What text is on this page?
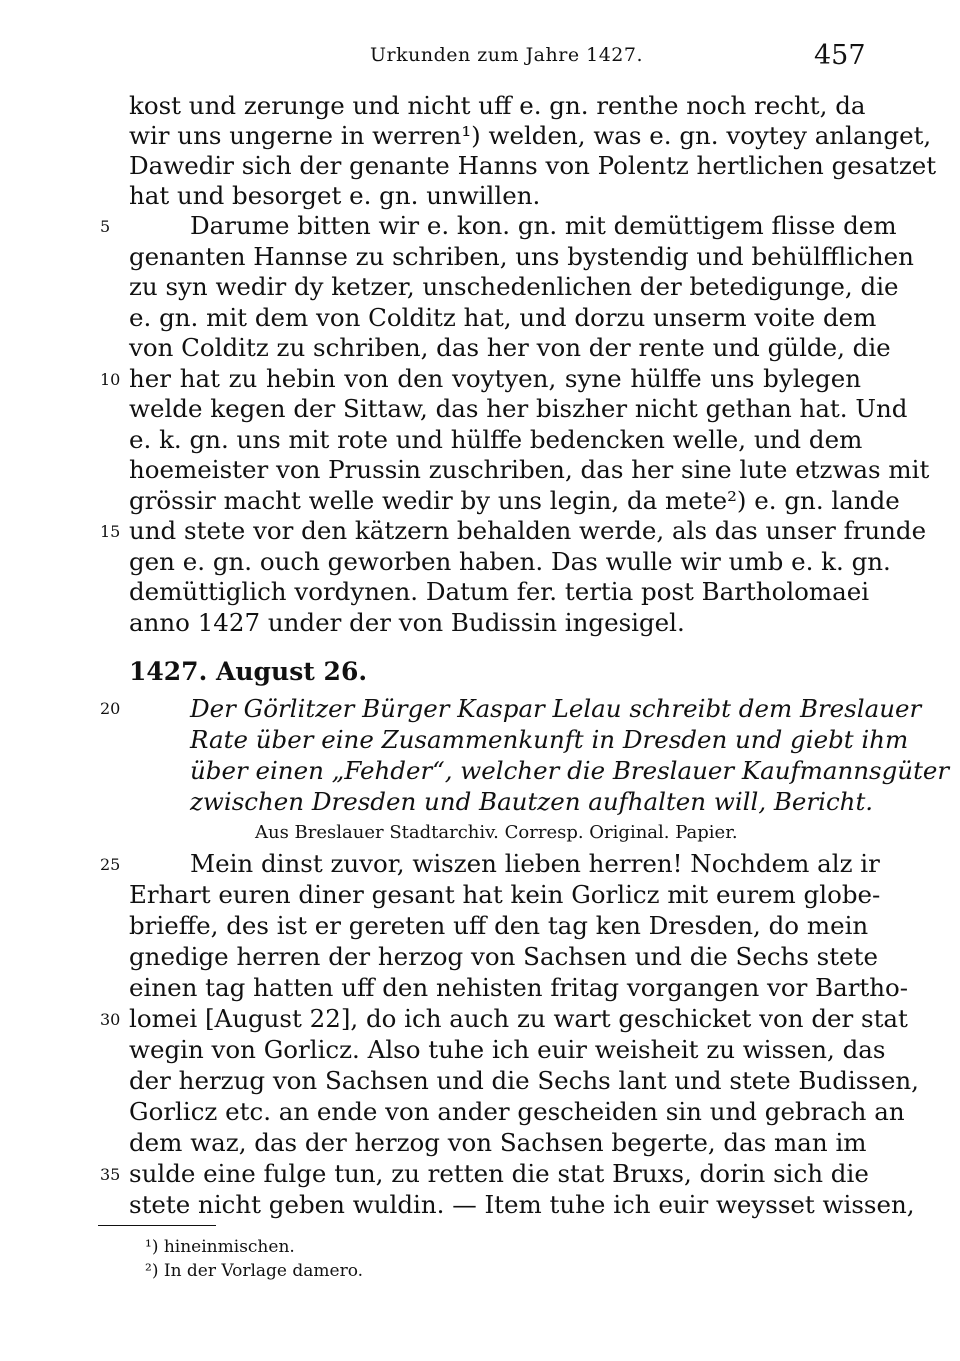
Urkunden zum Jahre 1427.	457
kost und zerunge und nicht uff e. gn. renthe noch recht, da
wir uns ungerne in werren¹) welden, was e. gn. voytey anlanget,
Dawedir sich der genante Hanns von Polentz hertlichen gesatzet
hat und besorget e. gn. unwillen.
Darume bitten wir e. kon. gn. mit demüttigem flisse dem
genanten Hannse zu schriben, uns bystendig und behülfflichen
zu syn wedir dy ketzer, unschedenlichen der betedigunge, die
e. gn. mit dem von Colditz hat, und dorzu unserm voite dem
von Colditz zu schriben, das her von der rente und gülde, die
her hat zu hebin von den voytyen, syne hülffe uns bylegen
welde kegen der Sittaw, das her biszher nicht gethan hat. Und
e. k. gn. uns mit rote und hülffe bedencken welle, und dem
hoemeister von Prussin zuschriben, das her sine lute etzwas mit
grössir macht welle wedir by uns legin, da mete²) e. gn. lande
und stete vor den kätzern behalden werde, als das unser frunde
gen e. gn. ouch geworben haben. Das wulle wir umb e. k. gn.
demüttiglich vordynen. Datum fer. tertia post Bartholomaei
anno 1427 under der von Budissin ingesigel.
1427. August 26.
Der Görlitzer Bürger Kaspar Lelau schreibt dem Breslauer
Rate über eine Zusammenkunft in Dresden und giebt ihm
über einen „Fehder“, welcher die Breslauer Kaufmannsgüter
zwischen Dresden und Bautzen aufhalten will, Bericht.
Aus Breslauer Stadtarchiv. Corresp. Original. Papier.
Mein dinst zuvor, wiszen lieben herren! Nochdem alz ir
Erhart euren diner gesant hat kein Gorlicz mit eurem globe-
brieffe, des ist er gereten uff den tag ken Dresden, do mein
gnedige herren der herzog von Sachsen und die Sechs stete
einen tag hatten uff den nehisten fritag vorgangen vor Bartho-
lomei [August 22], do ich auch zu wart geschicket von der stat
wegin von Gorlicz. Also tuhe ich euir weisheit zu wissen, das
der herzug von Sachsen und die Sechs lant und stete Budissen,
Gorlicz etc. an ende von ander gescheiden sin und gebrach an
dem waz, das der herzog von Sachsen begerte, das man im
sulde eine fulge tun, zu retten die stat Bruxs, dorin sich die
stete nicht geben wuldin. — Item tuhe ich euir weysset wissen,
5
10
15
20
25
30
35
¹) hineinmischen.
²) In der Vorlage damero.
